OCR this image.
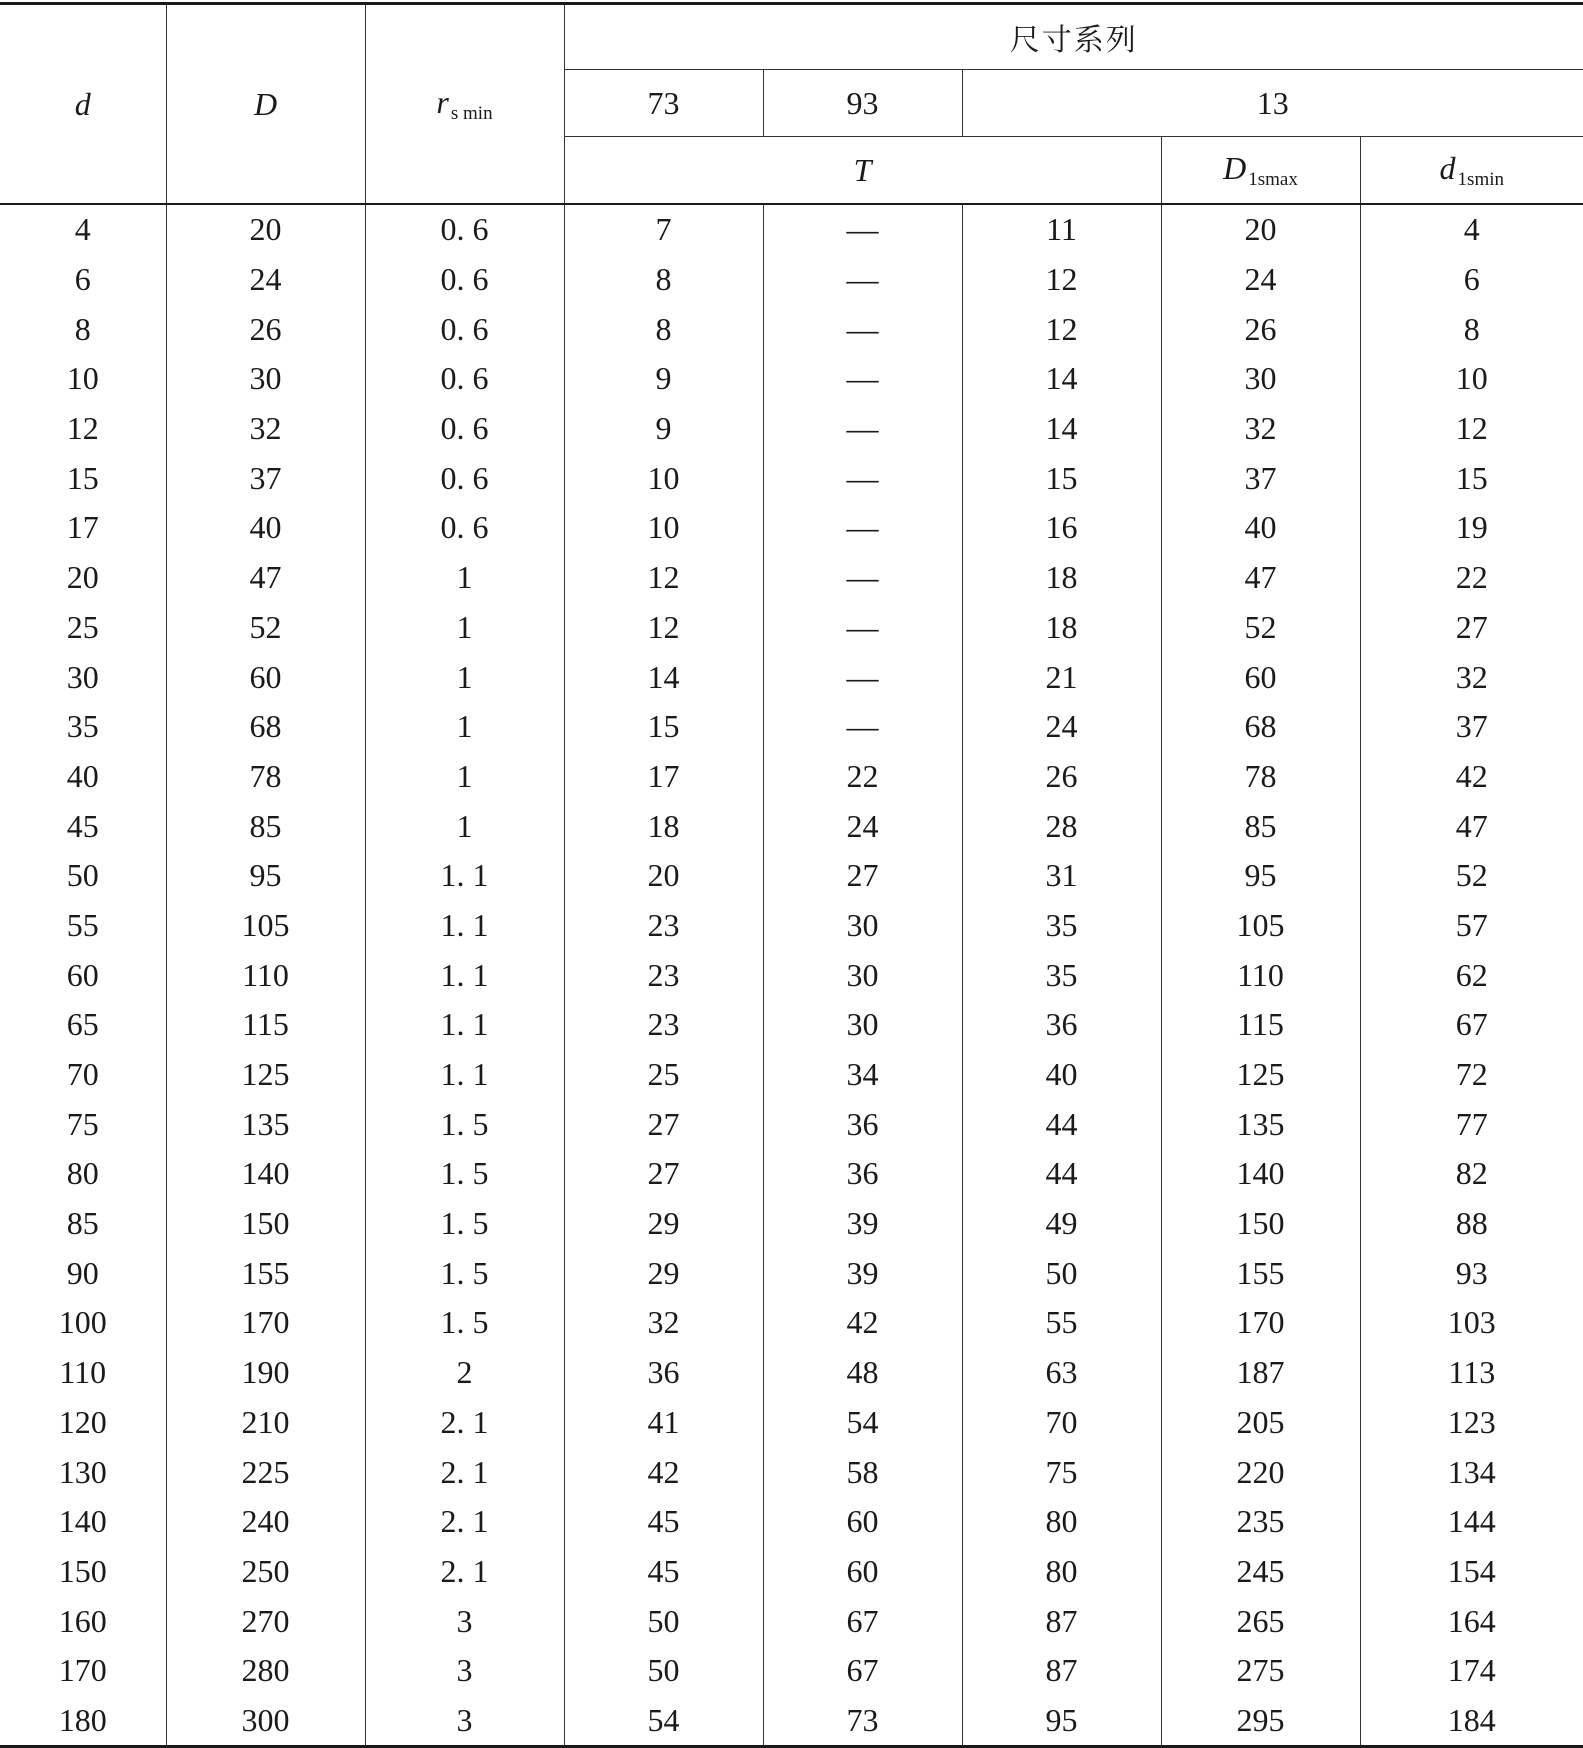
d	D	r $_{s min}$	尺寸系列				
			73	93	13		
			T			D $_{1smax}$	d $_{1smin}$
4	20	0. 6	7	—	11	20	4
6	24	0. 6	8	—	12	24	6
8	26	0. 6	8	—	12	26	8
10	30	0. 6	9	—	14	30	10
12	32	0. 6	9	—	14	32	12
15	37	0. 6	10	—	15	37	15
17	40	0. 6	10	—	16	40	19
20	47	1	12	—	18	47	22
25	52	1	12	—	18	52	27
30	60	1	14	—	21	60	32
35	68	1	15	—	24	68	37
40	78	1	17	22	26	78	42
45	85	1	18	24	28	85	47
50	95	1. 1	20	27	31	95	52
55	105	1. 1	23	30	35	105	57
60	110	1. 1	23	30	35	110	62
65	115	1. 1	23	30	36	115	67
70	125	1. 1	25	34	40	125	72
75	135	1. 5	27	36	44	135	77
80	140	1. 5	27	36	44	140	82
85	150	1. 5	29	39	49	150	88
90	155	1. 5	29	39	50	155	93
100	170	1. 5	32	42	55	170	103
110	190	2	36	48	63	187	113
120	210	2. 1	41	54	70	205	123
130	225	2. 1	42	58	75	220	134
140	240	2. 1	45	60	80	235	144
150	250	2. 1	45	60	80	245	154
160	270	3	50	67	87	265	164
170	280	3	50	67	87	275	174
180	300	3	54	73	95	295	184
